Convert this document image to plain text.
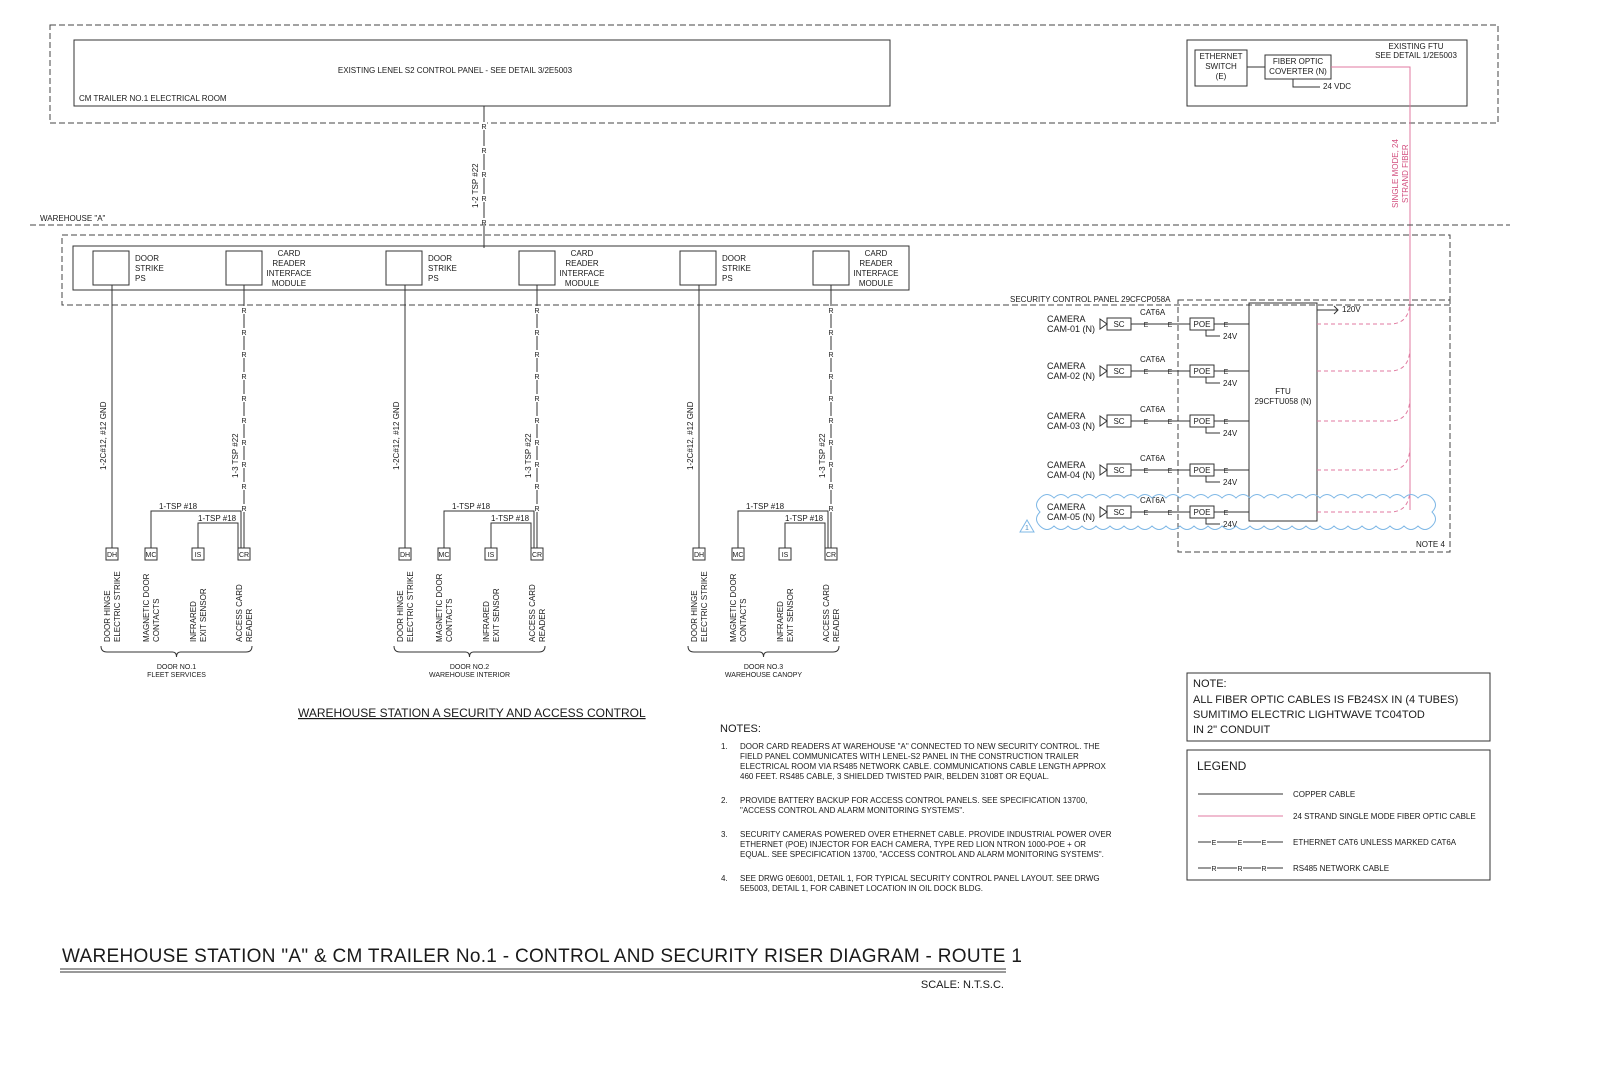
EXISTING LENEL S2 CONTROL PANEL - SEE DETAIL 3/2E5003
CM TRAILER NO.1 ELECTRICAL ROOM
EXISTING FTU
SEE DETAIL 1/2E5003
ETHERNET
SWITCH
(E)
FIBER OPTIC
COVERTER (N)
24 VDC
SINGLE MODE, 24 STRAND FIBER
R
R
R
R
R
1-2 TSP #22
WAREHOUSE "A"
DOOR
STRIKE
PS
CARD
READER
INTERFACE
MODULE
DOOR
STRIKE
PS
CARD
READER
INTERFACE
MODULE
DOOR
STRIKE
PS
CARD
READER
INTERFACE
MODULE
1-2C#12, #12 GND
R
R
R
R
R
R
R
R
R
R
1-3 TSP #22
1-TSP #18
1-TSP #18
DH
DOOR HINGE ELECTRIC STRIKE
MC
MAGNETIC DOOR CONTACTS
IS
INFRARED EXIT SENSOR
CR
ACCESS CARD READER
DOOR NO.1
FLEET SERVICES
1-2C#12, #12 GND
R
R
R
R
R
R
R
R
R
R
1-3 TSP #22
1-TSP #18
1-TSP #18
DH
DOOR HINGE ELECTRIC STRIKE
MC
MAGNETIC DOOR CONTACTS
IS
INFRARED EXIT SENSOR
CR
ACCESS CARD READER
DOOR NO.2
WAREHOUSE INTERIOR
1-2C#12, #12 GND
R
R
R
R
R
R
R
R
R
R
1-3 TSP #22
1-TSP #18
1-TSP #18
DH
DOOR HINGE ELECTRIC STRIKE
MC
MAGNETIC DOOR CONTACTS
IS
INFRARED EXIT SENSOR
CR
ACCESS CARD READER
DOOR NO.3
WAREHOUSE CANOPY
WAREHOUSE STATION A SECURITY AND ACCESS CONTROL
SECURITY CONTROL PANEL 29CFCP058A
FTU
29CFTU058 (N)
120V
NOTE 4
CAMERA
CAM-01 (N) SC	E	E
CAT6A
POE E
24V
CAMERA
CAM-02 (N) SC	E	E
CAT6A
POE E
24V
CAMERA
CAM-03 (N) SC	E	E
CAT6A
POE E
24V
CAMERA
CAM-04 (N) SC	E	E
CAT6A
POE E
24V
CAMERA
CAM-05 (N) SC	E	E
CAT6A
POE E
24V
1
NOTES:
1. DOOR CARD READERS AT WAREHOUSE "A" CONNECTED TO NEW SECURITY CONTROL. THE
FIELD PANEL COMMUNICATES WITH LENEL-S2 PANEL IN THE CONSTRUCTION TRAILER
ELECTRICAL ROOM VIA RS485 NETWORK CABLE. COMMUNICATIONS CABLE LENGTH APPROX
460 FEET. RS485 CABLE, 3 SHIELDED TWISTED PAIR, BELDEN 3108T OR EQUAL.
2. PROVIDE BATTERY BACKUP FOR ACCESS CONTROL PANELS. SEE SPECIFICATION 13700,
"ACCESS CONTROL AND ALARM MONITORING SYSTEMS".
3. SECURITY CAMERAS POWERED OVER ETHERNET CABLE. PROVIDE INDUSTRIAL POWER OVER
ETHERNET (POE) INJECTOR FOR EACH CAMERA, TYPE RED LION NTRON 1000-POE + OR
EQUAL. SEE SPECIFICATION 13700, "ACCESS CONTROL AND ALARM MONITORING SYSTEMS".
4. SEE DRWG 0E6001, DETAIL 1, FOR TYPICAL SECURITY CONTROL PANEL LAYOUT. SEE DRWG
5E5003, DETAIL 1, FOR CABINET LOCATION IN OIL DOCK BLDG.
NOTE:
ALL FIBER OPTIC CABLES IS FB24SX IN (4 TUBES)
SUMITIMO ELECTRIC LIGHTWAVE TC04TOD
IN 2" CONDUIT
LEGEND
COPPER CABLE
24 STRAND SINGLE MODE FIBER OPTIC CABLE
E	E	E	ETHERNET CAT6 UNLESS MARKED CAT6A
R	R	R	RS485 NETWORK CABLE
WAREHOUSE STATION "A" & CM TRAILER No.1 - CONTROL AND SECURITY RISER DIAGRAM - ROUTE 1
SCALE: N.T.S.C.
